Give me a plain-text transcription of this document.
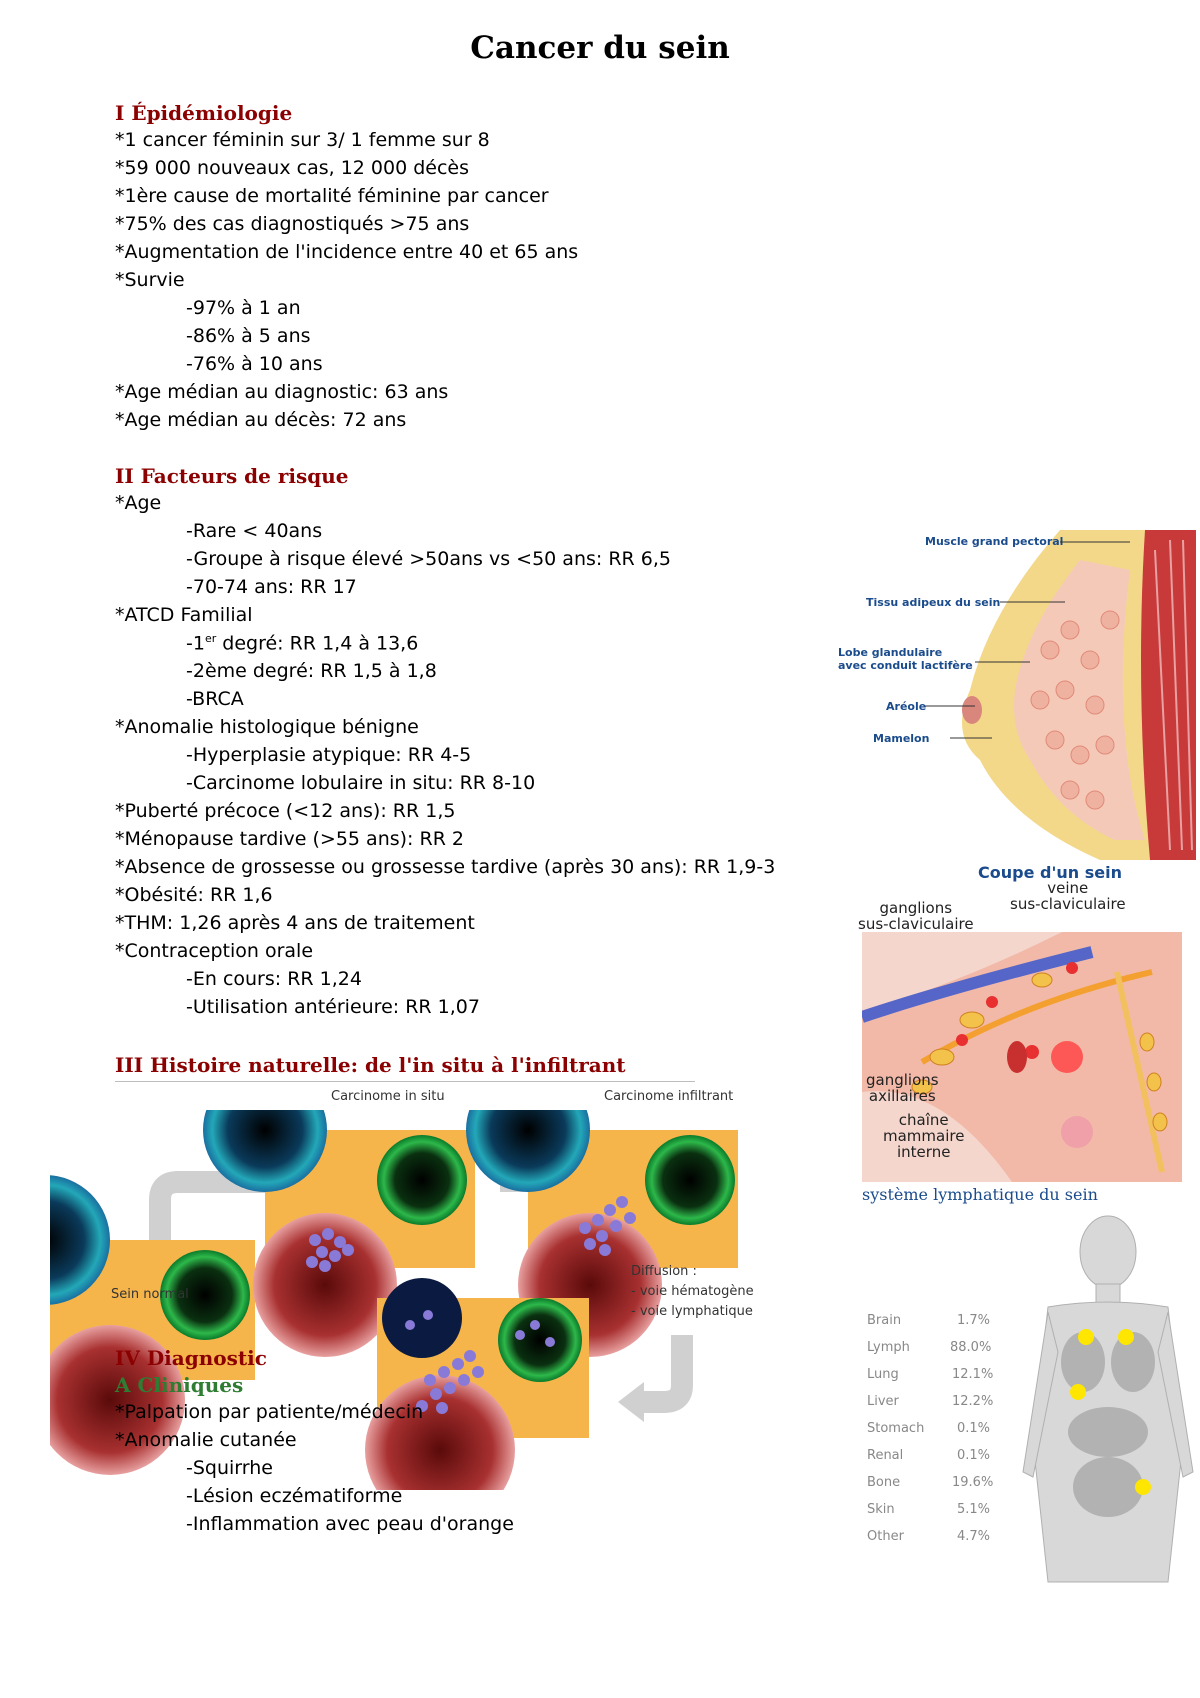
Cancer du sein
I Épidémiologie
*1 cancer féminin sur 3/ 1 femme sur 8
*59 000 nouveaux cas, 12 000 décès
*1ère cause de mortalité féminine par cancer
*75% des cas diagnostiqués >75 ans
*Augmentation de l'incidence entre 40 et 65 ans
*Survie
-97% à 1 an
-86% à 5 ans
-76% à 10 ans
*Age médian au diagnostic: 63 ans
*Age médian au décès: 72 ans
II Facteurs de risque
*Age
-Rare < 40ans
-Groupe à risque élevé >50ans vs <50 ans: RR 6,5
-70-74 ans: RR 17
*ATCD Familial
-1er degré: RR 1,4 à 13,6
-2ème degré: RR 1,5 à 1,8
-BRCA
*Anomalie histologique bénigne
-Hyperplasie atypique: RR 4-5
-Carcinome lobulaire in situ: RR 8-10
*Puberté précoce (<12 ans): RR 1,5
*Ménopause tardive (>55 ans): RR 2
*Absence de grossesse ou grossesse tardive (après 30 ans): RR 1,9-3
*Obésité: RR 1,6
*THM: 1,26 après 4 ans de traitement
*Contraception orale
-En cours: RR 1,24
-Utilisation antérieure: RR 1,07
III Histoire naturelle: de l'in situ à l'infiltrant
Carcinome in situ	Carcinome infiltrant
Sein normal
Diffusion :
- voie hématogène
- voie lymphatique
IV Diagnostic
A Cliniques
*Palpation par patiente/médecin
*Anomalie cutanée
-Squirrhe
-Lésion eczématiforme
-Inflammation avec peau d'orange
Muscle grand pectoral
Tissu adipeux du sein
Lobe glandulaire
avec conduit lactifère
Aréole
Mamelon
Coupe d'un sein
veine
sus-claviculaire
ganglions
sus-claviculaire
ganglions
axillaires
chaîne
mammaire
interne
système lymphatique du sein
Brain	1.7%
Lymph	88.0%
Lung	12.1%
Liver	12.2%
Stomach	0.1%
Renal	0.1%
Bone	19.6%
Skin	5.1%
Other	4.7%
